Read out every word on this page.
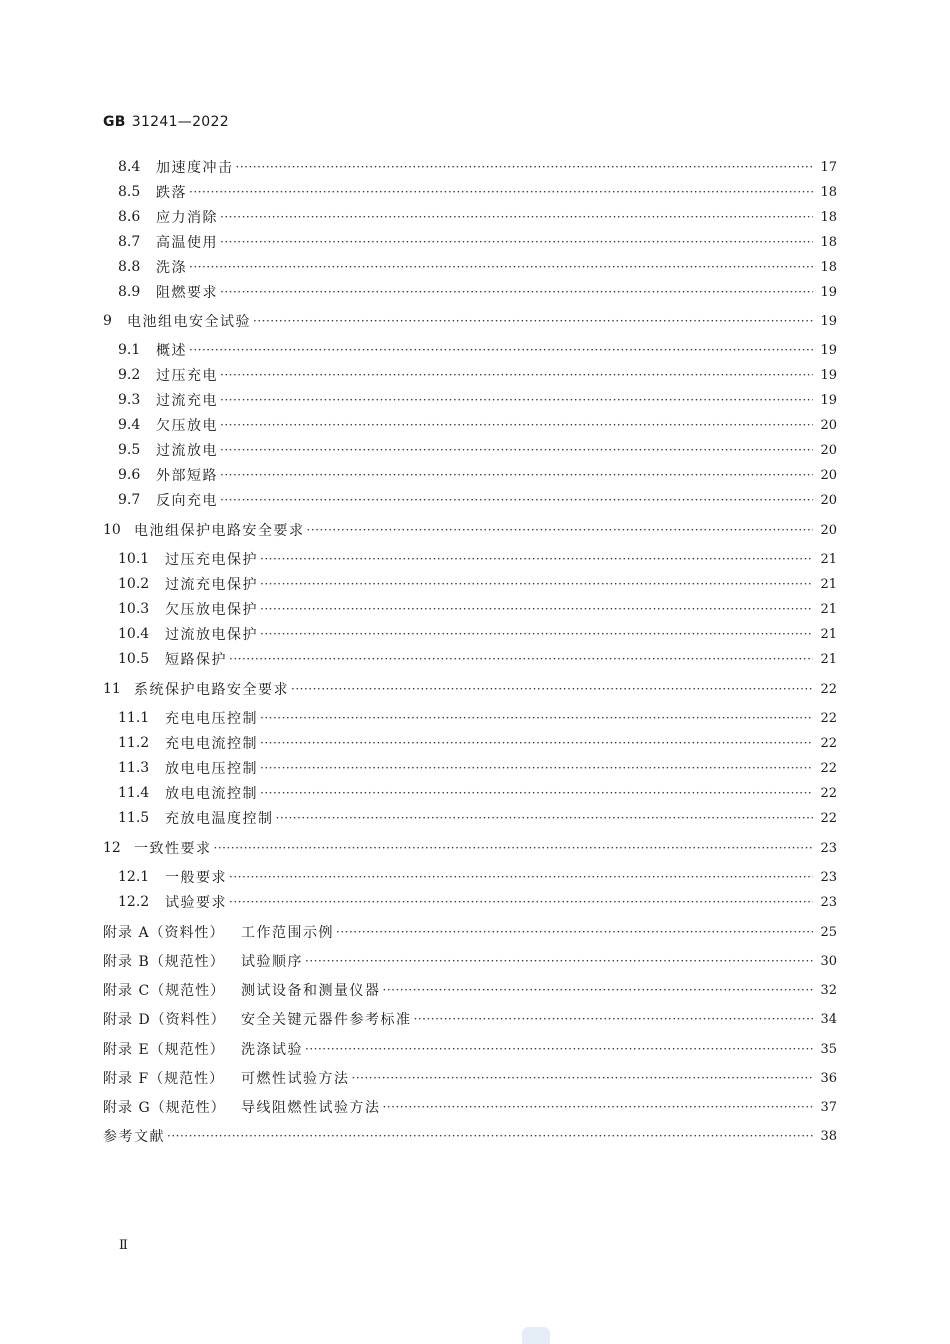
GB 31241—2022
8.4	加速度冲击 ·····	17
8.5	跌落 ·····	18
8.6	应力消除 ·····	18
8.7	高温使用 ·····	18
8.8	洗涤 ·····	18
8.9	阻燃要求 ·····	19
9	电池组电安全试验 ·····	19
9.1	概述 ·····	19
9.2	过压充电 ·····	19
9.3	过流充电 ·····	19
9.4	欠压放电 ·····	20
9.5	过流放电 ·····	20
9.6	外部短路 ·····	20
9.7	反向充电 ·····	20
10 电池组保护电路安全要求 ·····	20
10.1	过压充电保护 ·····	21
10.2	过流充电保护 ·····	21
10.3	欠压放电保护 ·····	21
10.4	过流放电保护 ·····	21
10.5	短路保护 ·····	21
11 系统保护电路安全要求 ·····	22
11.1	充电电压控制 ·····	22
11.2	充电电流控制 ·····	22
11.3	放电电压控制 ·····	22
11.4	放电电流控制 ·····	22
11.5	充放电温度控制 ·····	22
12 一致性要求 ·····	23
12.1	一般要求 ·····	23
12.2	试验要求 ·····	23
附录 A（资料性）	工作范围示例 ·····	25
附录 B（规范性）	试验顺序 ·····	30
附录 C（规范性）	测试设备和测量仪器 ·····	32
附录 D（资料性）	安全关键元器件参考标准 ·····	34
附录 E（规范性）	洗涤试验 ·····	35
附录 F（规范性）	可燃性试验方法 ·····	36
附录 G（规范性）	导线阻燃性试验方法 ·····	37
参考文献 ·····	38
Ⅱ
